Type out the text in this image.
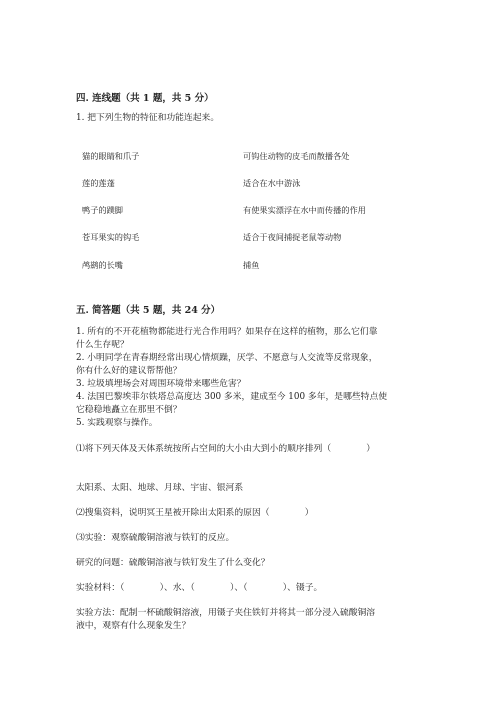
四. 连线题（共 1 题，共 5 分）
1. 把下列生物的特征和功能连起来。
猫的眼睛和爪子
莲的莲蓬
鸭子的蹼脚
苍耳果实的钩毛
鸬鹚的长嘴
可钩住动物的皮毛而散播各处
适合在水中游泳
有使果实漂浮在水中而传播的作用
适合于夜间捕捉老鼠等动物
捕鱼
五. 简答题（共 5 题，共 24 分）
1. 所有的不开花植物都能进行光合作用吗？如果存在这样的植物，那么它们靠
什么生存呢？
2. 小明同学在青春期经常出现心情烦躁，厌学、不愿意与人交流等反常现象，
你有什么好的建议帮帮他？
3. 垃圾填埋场会对周围环境带来哪些危害？
4. 法国巴黎埃菲尔铁塔总高度达 300 多米，建成至今 100 多年，是哪些特点使
它稳稳地矗立在那里不倒？
5. 实践观察与操作。
⑴将下列天体及天体系统按所占空间的大小由大到小的顺序排列（　　　　）
太阳系、太阳、地球、月球、宇宙、银河系
⑵搜集资料，说明冥王星被开除出太阳系的原因（　　　　）
⑶实验：观察硫酸铜溶液与铁钉的反应。
研究的问题：硫酸铜溶液与铁钉发生了什么变化？
实验材料：（　　　　）、水、（　　　　）、（　　　　）、镊子。
实验方法：配制一杯硫酸铜溶液，用镊子夹住铁钉并将其一部分浸入硫酸铜溶
液中，观察有什么现象发生？
